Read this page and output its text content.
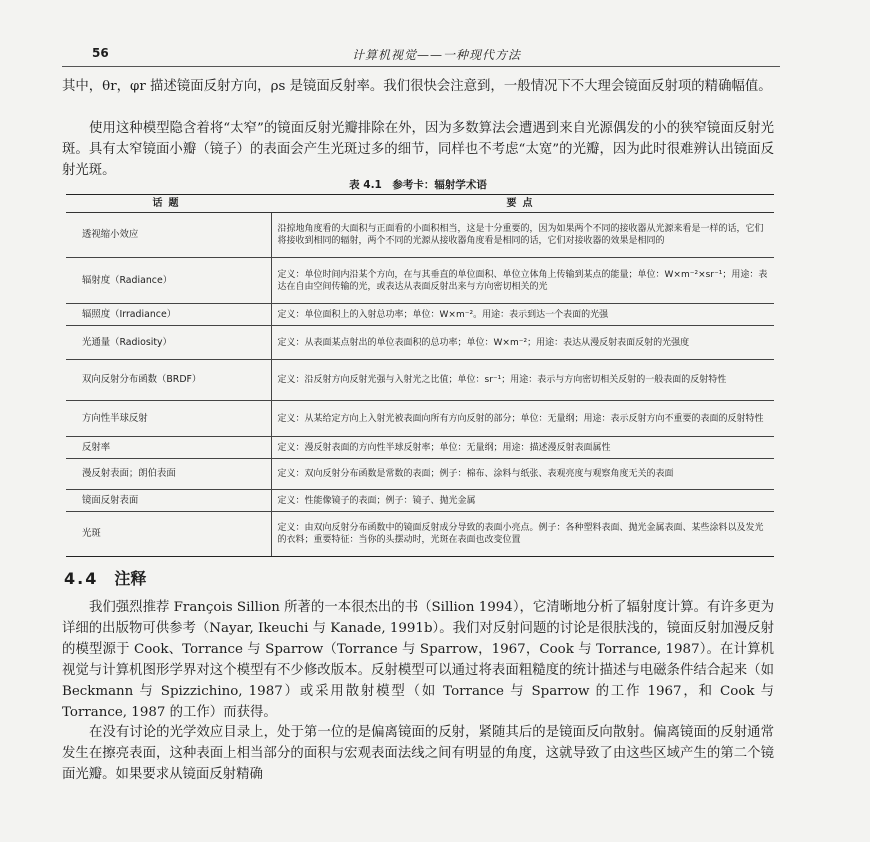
56	计算机视觉——一种现代方法

其中，θr，φr 描述镜面反射方向，ρs 是镜面反射率。我们很快会注意到，一般情况下不大理会镜面反射项的精确幅值。

使用这种模型隐含着将“太窄”的镜面反射光瓣排除在外，因为多数算法会遭遇到来自光源偶发的小的狭窄镜面反射光斑。具有太窄镜面小瓣（镜子）的表面会产生光斑过多的细节，同样也不考虑“太宽”的光瓣，因为此时很难辨认出镜面反射光斑。

表 4.1　参考卡：辐射学术语
话题	要点
透视缩小效应	沿掠地角度看的大面积与正面看的小面积相当，这是十分重要的，因为如果两个不同的接收器从光源来看是一样的话，它们将接收到相同的辐射，两个不同的光源从接收器角度看是相同的话，它们对接收器的效果是相同的
辐射度（Radiance）	定义：单位时间内沿某个方向，在与其垂直的单位面积、单位立体角上传输到某点的能量；单位：W×m⁻²×sr⁻¹；用途：表达在自由空间传输的光，或表达从表面反射出来与方向密切相关的光
辐照度（Irradiance）	定义：单位面积上的入射总功率；单位：W×m⁻²。用途：表示到达一个表面的光强
光通量（Radiosity）	定义：从表面某点射出的单位表面积的总功率；单位：W×m⁻²；用途：表达从漫反射表面反射的光强度
双向反射分布函数（BRDF）	定义：沿反射方向反射光强与入射光之比值；单位：sr⁻¹；用途：表示与方向密切相关反射的一般表面的反射特性
方向性半球反射	定义：从某给定方向上入射光被表面向所有方向反射的部分；单位：无量纲；用途：表示反射方向不重要的表面的反射特性
反射率	定义：漫反射表面的方向性半球反射率；单位：无量纲；用途：描述漫反射表面属性
漫反射表面；朗伯表面	定义：双向反射分布函数是常数的表面；例子：棉布、涂料与纸张、表观亮度与观察角度无关的表面
镜面反射表面	定义：性能像镜子的表面；例子：镜子、抛光金属
光斑	定义：由双向反射分布函数中的镜面反射成分导致的表面小亮点。例子：各种塑料表面、抛光金属表面、某些涂料以及发光的衣料；重要特征：当你的头摆动时，光斑在表面也改变位置
4.4 注释

我们强烈推荐 François Sillion 所著的一本很杰出的书（Sillion 1994），它清晰地分析了辐射度计算。有许多更为详细的出版物可供参考（Nayar, Ikeuchi 与 Kanade, 1991b）。我们对反射问题的讨论是很肤浅的，镜面反射加漫反射的模型源于 Cook、Torrance 与 Sparrow（Torrance 与 Sparrow，1967，Cook 与 Torrance, 1987）。在计算机视觉与计算机图形学界对这个模型有不少修改版本。反射模型可以通过将表面粗糙度的统计描述与电磁条件结合起来（如 Beckmann 与 Spizzichino, 1987）或采用散射模型（如 Torrance 与 Sparrow 的工作 1967，和 Cook 与 Torrance, 1987 的工作）而获得。

在没有讨论的光学效应目录上，处于第一位的是偏离镜面的反射，紧随其后的是镜面反向散射。偏离镜面的反射通常发生在擦亮表面，这种表面上相当部分的面积与宏观表面法线之间有明显的角度，这就导致了由这些区域产生的第二个镜面光瓣。如果要求从镜面反射精确
